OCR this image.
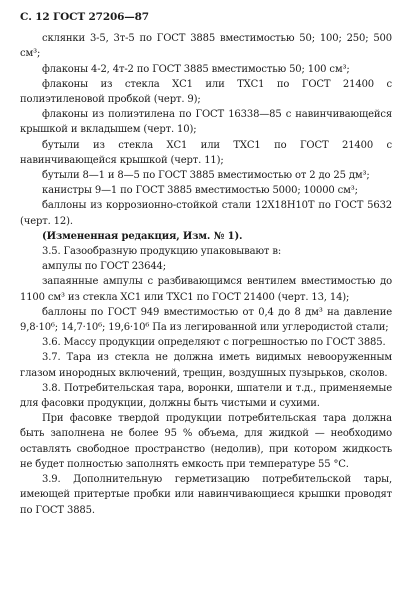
С. 12 ГОСТ 27206—87

склянки 3-5, 3т-5 по ГОСТ 3885 вместимостью 50; 100; 250; 500 см³;

флаконы 4-2, 4т-2 по ГОСТ 3885 вместимостью 50; 100 см³;

флаконы из стекла ХС1 или ТХС1 по ГОСТ 21400 с полиэтиленовой пробкой (черт. 9);

флаконы из полиэтилена по ГОСТ 16338—85 с навинчивающейся крышкой и вкладышем (черт. 10);

бутыли из стекла ХС1 или ТХС1 по ГОСТ 21400 с навинчивающейся крышкой (черт. 11);

бутыли 8—1 и 8—5 по ГОСТ 3885 вместимостью от 2 до 25 дм³;

канистры 9—1 по ГОСТ 3885 вместимостью 5000; 10000 см³;

баллоны из коррозионно-стойкой стали 12Х18Н10Т по ГОСТ 5632 (черт. 12).

(Измененная редакция, Изм. № 1).

3.5. Газообразную продукцию упаковывают в:

ампулы по ГОСТ 23644;

запаянные ампулы с разбивающимся вентилем вместимостью до 1100 см³ из стекла ХС1 или ТХС1 по ГОСТ 21400 (черт. 13, 14);

баллоны по ГОСТ 949 вместимостью от 0,4 до 8 дм³ на давление 9,8·10⁶; 14,7·10⁶; 19,6·10⁶ Па из легированной или углеродистой стали;

3.6. Массу продукции определяют с погрешностью по ГОСТ 3885.

3.7. Тара из стекла не должна иметь видимых невооруженным глазом инородных включений, трещин, воздушных пузырьков, сколов.

3.8. Потребительская тара, воронки, шпатели и т.д., применяемые для фасовки продукции, должны быть чистыми и сухими.

При фасовке твердой продукции потребительская тара должна быть заполнена не более 95 % объема, для жидкой — необходимо оставлять свободное пространство (недолив), при котором жидкость не будет полностью заполнять емкость при температуре 55 °С.

3.9. Дополнительную герметизацию потребительской тары, имеющей притертые пробки или навинчивающиеся крышки проводят по ГОСТ 3885.
